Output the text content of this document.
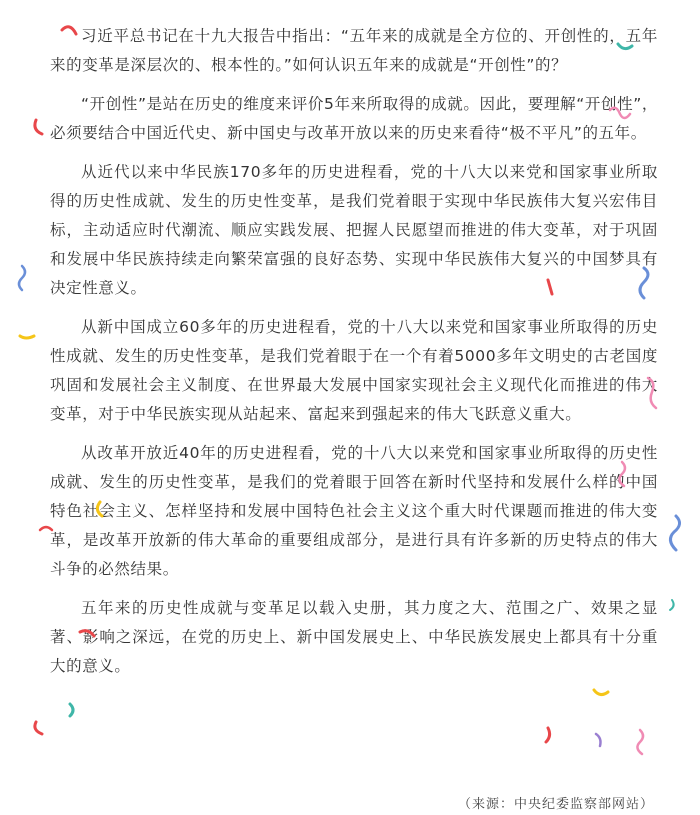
习近平总书记在十九大报告中指出：“五年来的成就是全方位的、开创性的，五年来的变革是深层次的、根本性的。”如何认识五年来的成就是“开创性”的？

“开创性”是站在历史的维度来评价5年来所取得的成就。因此，要理解“开创性”，必须要结合中国近代史、新中国史与改革开放以来的历史来看待“极不平凡”的五年。

从近代以来中华民族170多年的历史进程看，党的十八大以来党和国家事业所取得的历史性成就、发生的历史性变革，是我们党着眼于实现中华民族伟大复兴宏伟目标，主动适应时代潮流、顺应实践发展、把握人民愿望而推进的伟大变革，对于巩固和发展中华民族持续走向繁荣富强的良好态势、实现中华民族伟大复兴的中国梦具有决定性意义。

从新中国成立60多年的历史进程看，党的十八大以来党和国家事业所取得的历史性成就、发生的历史性变革，是我们党着眼于在一个有着5000多年文明史的古老国度巩固和发展社会主义制度、在世界最大发展中国家实现社会主义现代化而推进的伟大变革，对于中华民族实现从站起来、富起来到强起来的伟大飞跃意义重大。

从改革开放近40年的历史进程看，党的十八大以来党和国家事业所取得的历史性成就、发生的历史性变革，是我们的党着眼于回答在新时代坚持和发展什么样的中国特色社会主义、怎样坚持和发展中国特色社会主义这个重大时代课题而推进的伟大变革，是改革开放新的伟大革命的重要组成部分，是进行具有许多新的历史特点的伟大斗争的必然结果。

五年来的历史性成就与变革足以载入史册，其力度之大、范围之广、效果之显著、影响之深远，在党的历史上、新中国发展史上、中华民族发展史上都具有十分重大的意义。

（来源：中央纪委监察部网站）
